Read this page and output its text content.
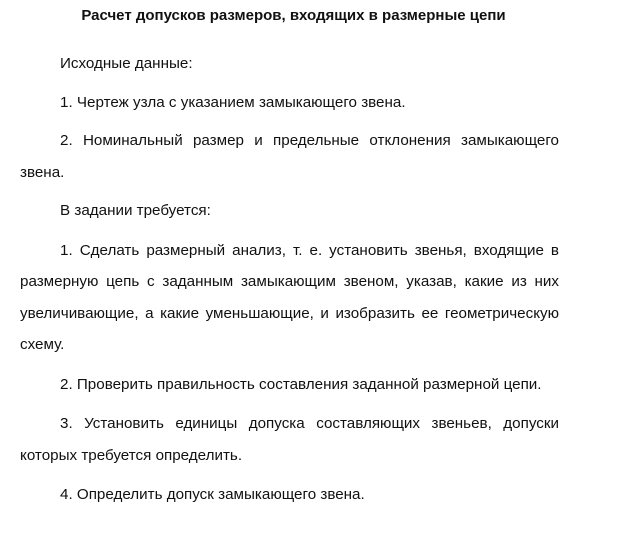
Расчет допусков размеров, входящих в размерные цепи

Исходные данные:

1. Чертеж узла с указанием замыкающего звена.

2. Номинальный размер и предельные отклонения замыкающего звена.

В задании требуется:

1. Сделать размерный анализ, т. е. установить звенья, входящие в размерную цепь с заданным замыкающим звеном, указав, какие из них увеличивающие, а какие уменьшающие, и изобразить ее геометрическую схему.

2. Проверить правильность составления заданной размерной цепи.

3. Установить единицы допуска составляющих звеньев, допуски которых требуется определить.

4. Определить допуск замыкающего звена.
